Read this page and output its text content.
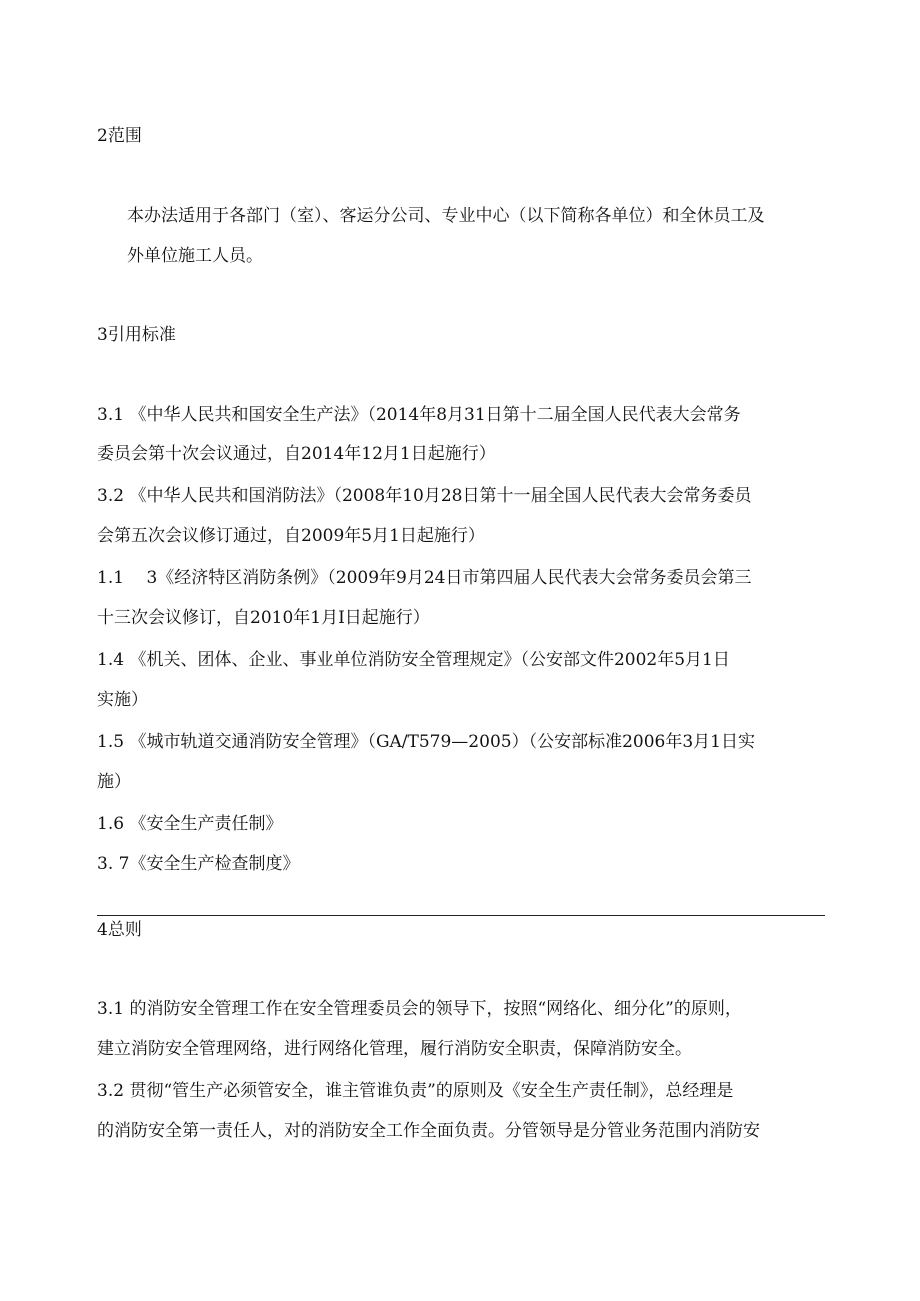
2范围

本办法适用于各部门（室）、客运分公司、专业中心（以下简称各单位）和全休员工及

外单位施工人员。

3引用标准

3.1 《中华人民共和国安全生产法》（2014年8月31日第十二届全国人民代表大会常务

委员会第十次会议通过，自2014年12月1日起施行）

3.2 《中华人民共和国消防法》（2008年10月28日第十一届全国人民代表大会常务委员

会第五次会议修订通过，自2009年5月1日起施行）

1.1　 3《经济特区消防条例》（2009年9月24日市第四届人民代表大会常务委员会第三

十三次会议修订，自2010年1月I日起施行）

1.4 《机关、团体、企业、事业单位消防安全管理规定》（公安部文件2002年5月1日

实施）

1.5 《城市轨道交通消防安全管理》（GA/T579—2005）（公安部标准2006年3月1日实

施）

1.6 《安全生产责任制》

3. 7《安全生产检查制度》

4总则

3.1 的消防安全管理工作在安全管理委员会的领导下，按照“网络化、细分化”的原则，

建立消防安全管理网络，进行网络化管理，履行消防安全职责，保障消防安全。

3.2 贯彻“管生产必须管安全，谁主管谁负责”的原则及《安全生产责任制》，总经理是

的消防安全第一责任人，对的消防安全工作全面负责。分管领导是分管业务范围内消防安
